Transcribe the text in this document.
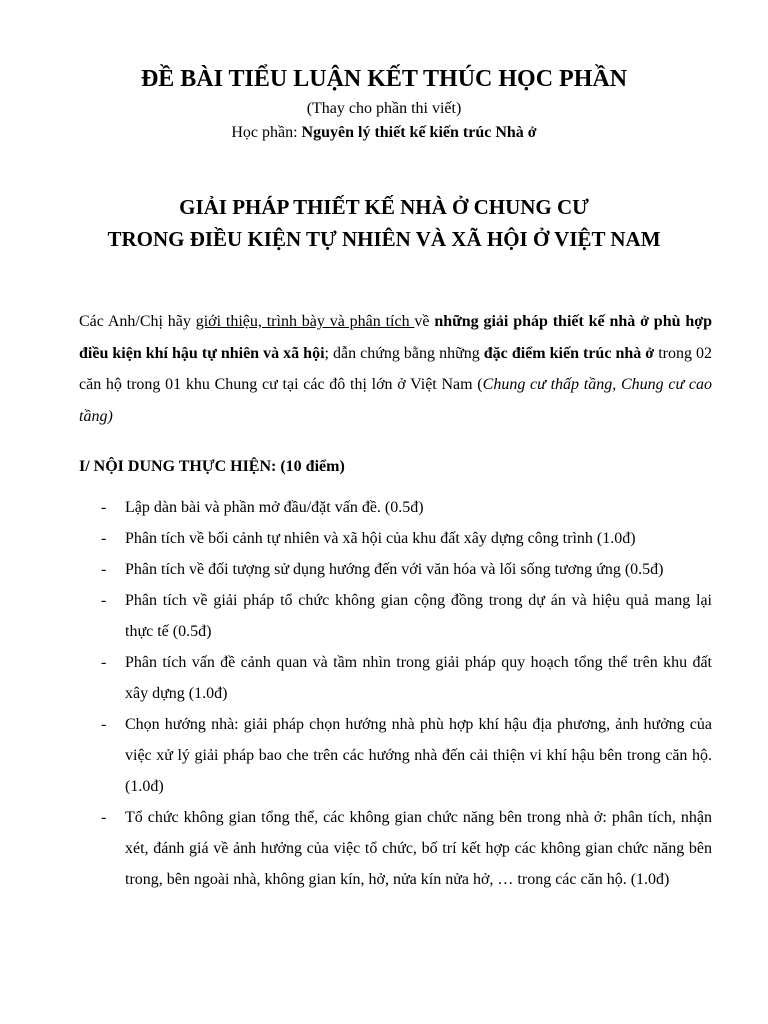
ĐỀ BÀI TIỂU LUẬN KẾT THÚC HỌC PHẦN
(Thay cho phần thi viết)
Học phần: Nguyên lý thiết kế kiến trúc Nhà ở
GIẢI PHÁP THIẾT KẾ NHÀ Ở CHUNG CƯ
TRONG ĐIỀU KIỆN TỰ NHIÊN VÀ XÃ HỘI Ở VIỆT NAM
Các Anh/Chị hãy giới thiệu, trình bày và phân tích về những giải pháp thiết kế nhà ở phù hợp điều kiện khí hậu tự nhiên và xã hội; dẫn chứng bằng những đặc điểm kiến trúc nhà ở trong 02 căn hộ trong 01 khu Chung cư tại các đô thị lớn ở Việt Nam (Chung cư thấp tầng, Chung cư cao tầng)
I/ NỘI DUNG THỰC HIỆN: (10 điểm)
- Lập dàn bài và phần mở đầu/đặt vấn đề. (0.5đ)
- Phân tích về bối cảnh tự nhiên và xã hội của khu đất xây dựng công trình (1.0đ)
- Phân tích về đối tượng sử dụng hướng đến với văn hóa và lối sống tương ứng (0.5đ)
- Phân tích về giải pháp tổ chức không gian cộng đồng trong dự án và hiệu quả mang lại thực tế (0.5đ)
- Phân tích vấn đề cảnh quan và tầm nhìn trong giải pháp quy hoạch tổng thể trên khu đất xây dựng (1.0đ)
- Chọn hướng nhà: giải pháp chọn hướng nhà phù hợp khí hậu địa phương, ảnh hưởng của việc xử lý giải pháp bao che trên các hướng nhà đến cải thiện vi khí hậu bên trong căn hộ. (1.0đ)
- Tổ chức không gian tổng thể, các không gian chức năng bên trong nhà ở: phân tích, nhận xét, đánh giá về ảnh hưởng của việc tổ chức, bố trí kết hợp các không gian chức năng bên trong, bên ngoài nhà, không gian kín, hở, nửa kín nửa hở, … trong các căn hộ. (1.0đ)
